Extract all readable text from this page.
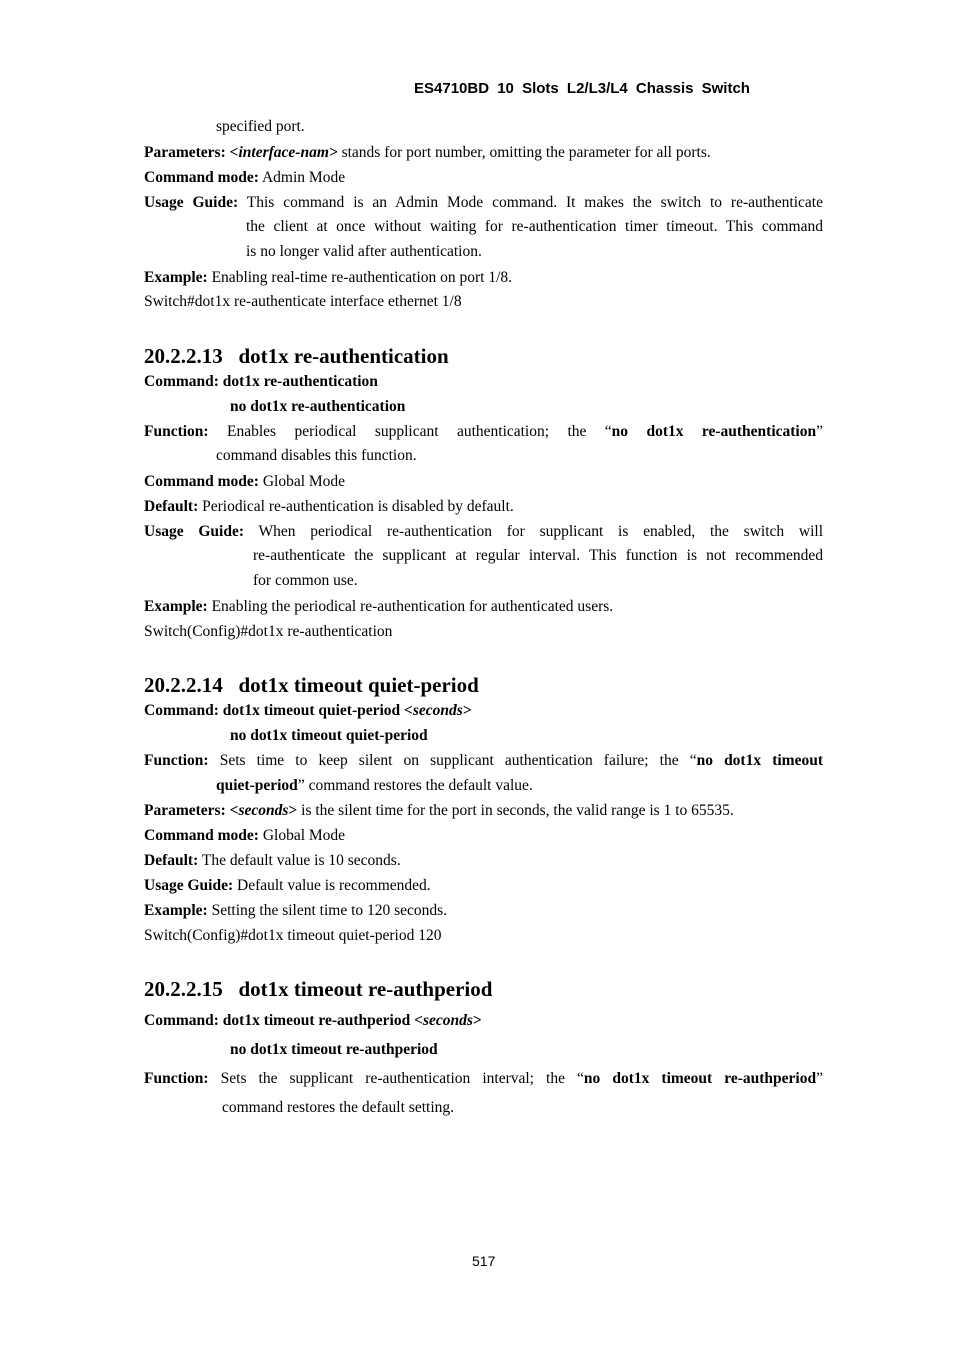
ES4710BD 10 Slots L2/L3/L4 Chassis Switch
specified port.
Parameters: <interface-nam> stands for port number, omitting the parameter for all ports.
Command mode: Admin Mode
Usage Guide: This command is an Admin Mode command. It makes the switch to re-authenticate
the client at once without waiting for re-authentication timer timeout. This command
is no longer valid after authentication.
Example: Enabling real-time re-authentication on port 1/8.
Switch#dot1x re-authenticate interface ethernet 1/8
20.2.2.13   dot1x re-authentication
Command: dot1x re-authentication
no dot1x re-authentication
Function: Enables periodical supplicant authentication; the “no dot1x re-authentication”
command disables this function.
Command mode: Global Mode
Default: Periodical re-authentication is disabled by default.
Usage Guide: When periodical re-authentication for supplicant is enabled, the switch will
re-authenticate the supplicant at regular interval. This function is not recommended
for common use.
Example: Enabling the periodical re-authentication for authenticated users.
Switch(Config)#dot1x re-authentication
20.2.2.14   dot1x timeout quiet-period
Command: dot1x timeout quiet-period <seconds>
no dot1x timeout quiet-period
Function: Sets time to keep silent on supplicant authentication failure; the “no dot1x timeout
quiet-period” command restores the default value.
Parameters: <seconds> is the silent time for the port in seconds, the valid range is 1 to 65535.
Command mode: Global Mode
Default: The default value is 10 seconds.
Usage Guide: Default value is recommended.
Example: Setting the silent time to 120 seconds.
Switch(Config)#dot1x timeout quiet-period 120
20.2.2.15   dot1x timeout re-authperiod
Command: dot1x timeout re-authperiod <seconds>
no dot1x timeout re-authperiod
Function: Sets the supplicant re-authentication interval; the “no dot1x timeout re-authperiod”
command restores the default setting.
517
